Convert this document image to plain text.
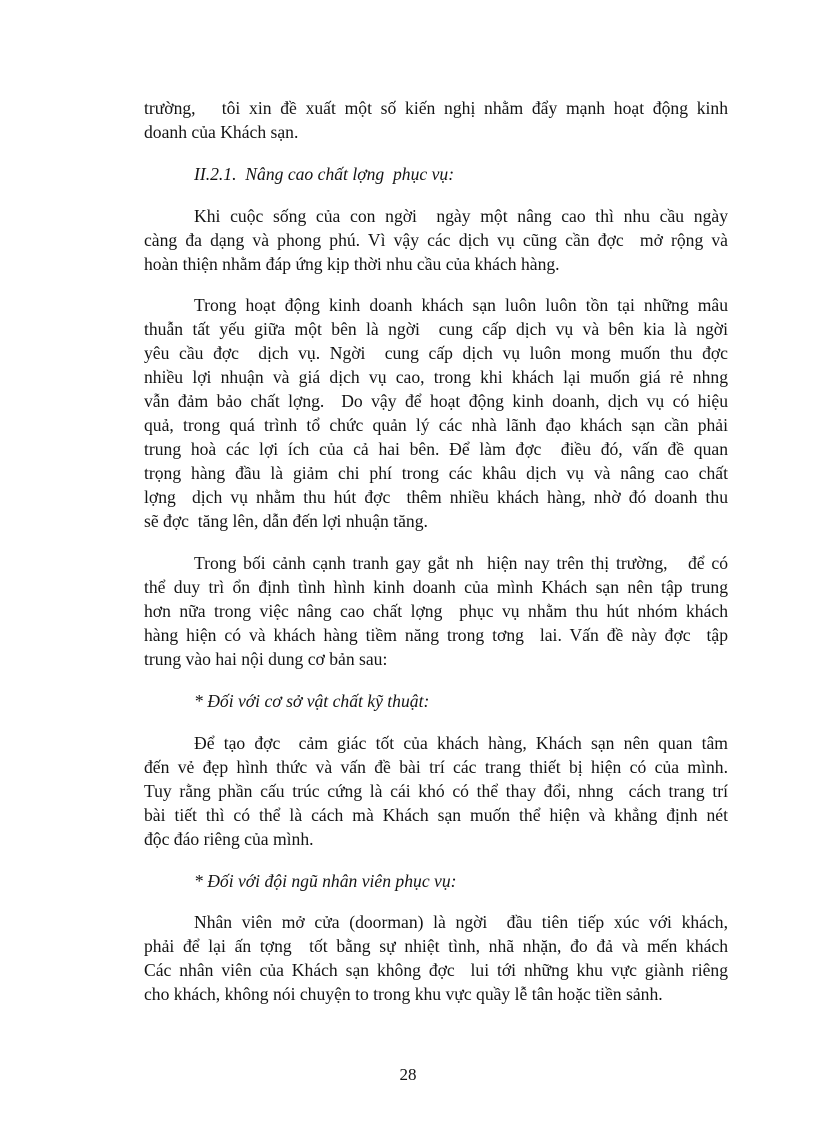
trường,   tôi xin đề xuất một số kiến nghị nhằm đẩy mạnh hoạt động kinh

doanh của Khách sạn.

II.2.1.  Nâng cao chất lợng  phục vụ:

Khi cuộc sống của con ngời  ngày một nâng cao thì nhu cầu ngày

càng đa dạng và phong phú. Vì vậy các dịch vụ cũng cần đợc  mở rộng và

hoàn thiện nhằm đáp ứng kịp thời nhu cầu của khách hàng.

Trong hoạt động kinh doanh khách sạn luôn luôn tồn tại những mâu

thuẫn tất yếu giữa một bên là ngời  cung cấp dịch vụ và bên kia là ngời

yêu cầu đợc  dịch vụ. Ngời  cung cấp dịch vụ luôn mong muốn thu đợc

nhiều lợi nhuận và giá dịch vụ cao, trong khi khách lại muốn giá rẻ nhng

vẫn đảm bảo chất lợng.  Do vậy để hoạt động kinh doanh, dịch vụ có hiệu

quả, trong quá trình tổ chức quản lý các nhà lãnh đạo khách sạn cần phải

trung hoà các lợi ích của cả hai bên. Để làm đợc  điều đó, vấn đề quan

trọng hàng đầu là giảm chi phí trong các khâu dịch vụ và nâng cao chất

lợng  dịch vụ nhằm thu hút đợc  thêm nhiều khách hàng, nhờ đó doanh thu

sẽ đợc  tăng lên, dẫn đến lợi nhuận tăng.

Trong bối cảnh cạnh tranh gay gắt nh  hiện nay trên thị trường,   để có

thể duy trì ổn định tình hình kinh doanh của mình Khách sạn nên tập trung

hơn nữa trong việc nâng cao chất lợng  phục vụ nhằm thu hút nhóm khách

hàng hiện có và khách hàng tiềm năng trong tơng  lai. Vấn đề này đợc  tập

trung vào hai nội dung cơ bản sau:

* Đối với cơ sở vật chất kỹ thuật:

Để tạo đợc  cảm giác tốt của khách hàng, Khách sạn nên quan tâm

đến vẻ đẹp hình thức và vấn đề bài trí các trang thiết bị hiện có của mình.

Tuy rằng phần cấu trúc cứng là cái khó có thể thay đổi, nhng  cách trang trí

bài tiết thì có thể là cách mà Khách sạn muốn thể hiện và khẳng định nét

độc đáo riêng của mình.

* Đối với đội ngũ nhân viên phục vụ:

Nhân viên mở cửa (doorman) là ngời  đầu tiên tiếp xúc với khách,

phải để lại ấn tợng  tốt bằng sự nhiệt tình, nhã nhặn, đo đả và mến khách

Các nhân viên của Khách sạn không đợc  lui tới những khu vực giành riêng

cho khách, không nói chuyện to trong khu vực quầy lễ tân hoặc tiền sảnh.

28
